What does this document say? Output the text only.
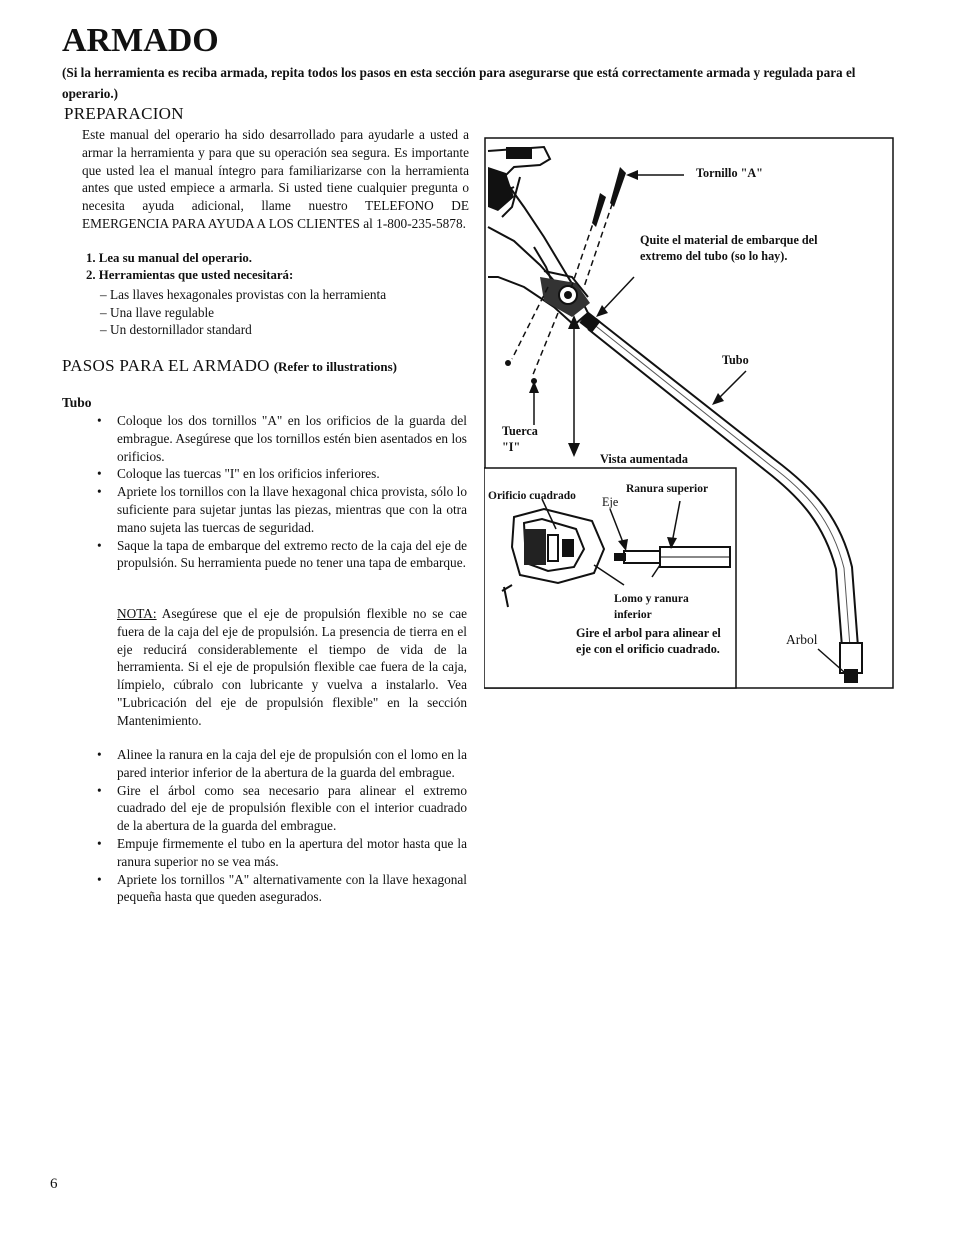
ARMADO
(Si la herramienta es reciba armada, repita todos los pasos en esta sección para asegurarse que está correctamente armada y regulada para el operario.)
PREPARACION
Este manual del operario ha sido desarrollado para ayudarle a usted a armar la herramienta y para que su operación sea segura. Es importante que usted lea el manual íntegro para familiarizarse con la herramienta antes que usted empiece a armarla. Si usted tiene cualquier pregunta o necesita ayuda adicional, llame nuestro TELEFONO DE EMERGENCIA PARA AYUDA A LOS CLIENTES al 1-800-235-5878.
1. Lea su manual del operario.
2. Herramientas que usted necesitará:
– Las llaves hexagonales provistas con la herramienta
– Una llave regulable
– Un destornillador standard
PASOS PARA EL ARMADO (Refer to illustrations)
Tubo
• Coloque los dos tornillos "A" en los orificios de la guarda del embrague. Asegúrese que los tornillos estén bien asentados en los orificios.
• Coloque las tuercas "I" en los orificios inferiores.
• Apriete los tornillos con la llave hexagonal chica provista, sólo lo suficiente para sujetar juntas las piezas, mientras que con la otra mano sujeta las tuercas de seguridad.
• Saque la tapa de embarque del extremo recto de la caja del eje de propulsión. Su herramienta puede no tener una tapa de embarque.
NOTA: Asegúrese que el eje de propulsión flexible no se cae fuera de la caja del eje de propulsión. La presencia de tierra en el eje reducirá considerablemente el tiempo de vida de la herramienta. Si el eje de propulsión flexible cae fuera de la caja, límpielo, cúbralo con lubricante y vuelva a instalarlo. Vea "Lubricación del eje de propulsión flexible" en la sección Mantenimiento.
• Alinee la ranura en la caja del eje de propulsión con el lomo en la pared interior inferior de la abertura de la guarda del embrague.
• Gire el árbol como sea necesario para alinear el extremo cuadrado del eje de propulsión flexible con el interior cuadrado de la abertura de la guarda del embrague.
• Empuje firmemente el tubo en la apertura del motor hasta que la ranura superior no se vea más.
• Apriete los tornillos "A" alternativamente con la llave hexagonal pequeña hasta que queden asegurados.
Tornillo "A"
Quite el material de embarque del extremo del tubo (so lo hay).
Tubo
Tuerca "I"
Vista aumentada
Orificio cuadrado Eje
Ranura superior
Lomo y ranura inferior
Gire el arbol para alinear el eje con el orificio cuadrado.
Arbol
6
